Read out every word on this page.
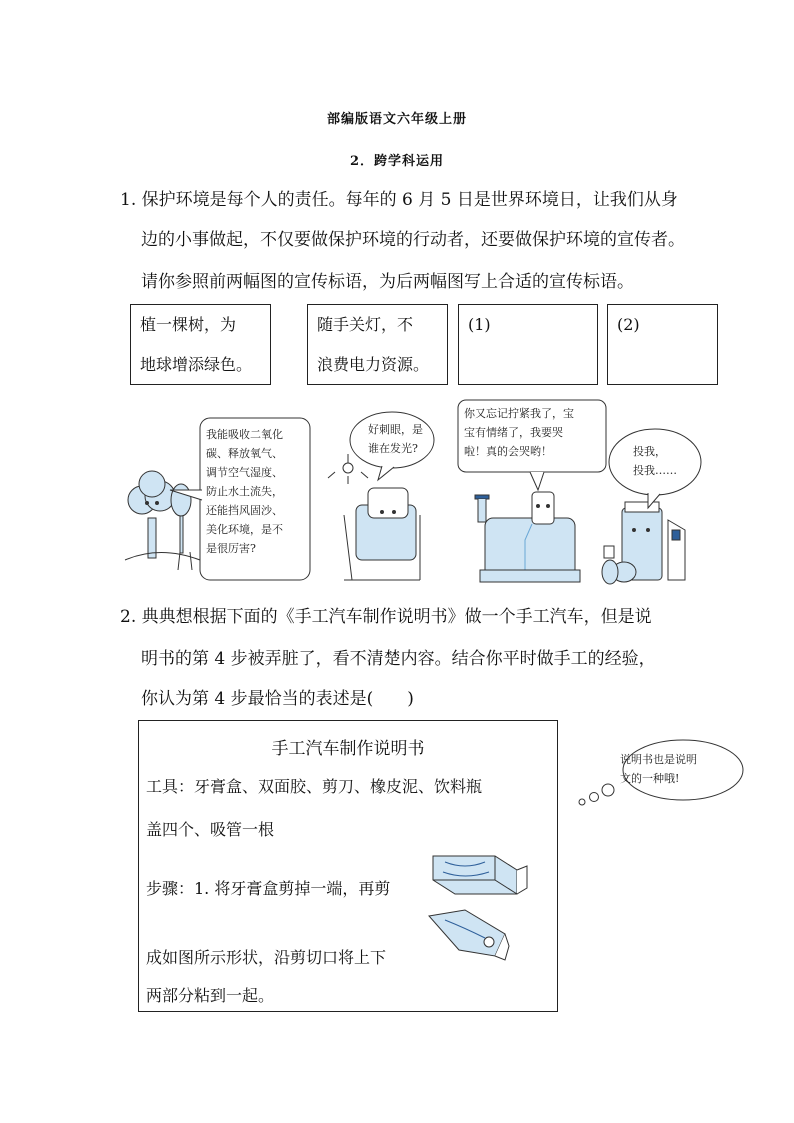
部编版语文六年级上册
2．跨学科运用
1. 保护环境是每个人的责任。每年的 6 月 5 日是世界环境日，让我们从身
边的小事做起，不仅要做保护环境的行动者，还要做保护环境的宣传者。
请你参照前两幅图的宣传标语，为后两幅图写上合适的宣传标语。
植一棵树，为
地球增添绿色。
随手关灯，不
浪费电力资源。
(1)	(2)
我能吸收二氧化
碳、释放氧气、
调节空气湿度、
防止水土流失，
还能挡风固沙、
美化环境，是不
是很厉害?
好刺眼，是
谁在发光?
你又忘记拧紧我了，宝
宝有情绪了，我要哭
啦！真的会哭哟！	投我，
投我……
2. 典典想根据下面的《手工汽车制作说明书》做一个手工汽车，但是说
明书的第 4 步被弄脏了，看不清楚内容。结合你平时做手工的经验，
你认为第 4 步最恰当的表述是(　　)
手工汽车制作说明书
工具：牙膏盒、双面胶、剪刀、橡皮泥、饮料瓶
盖四个、吸管一根
步骤：1. 将牙膏盒剪掉一端，再剪
成如图所示形状，沿剪切口将上下
两部分粘到一起。
说明书也是说明
文的一种哦!
